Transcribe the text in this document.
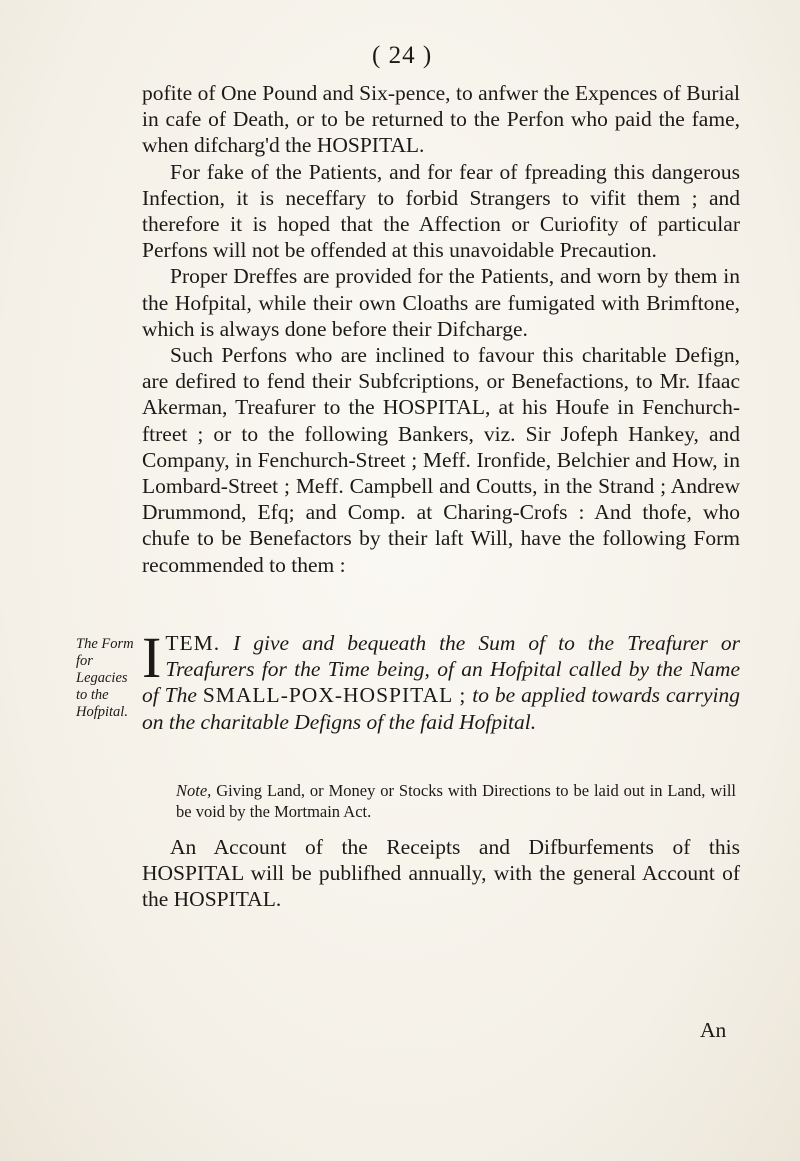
( 24 )

pofite of One Pound and Six-pence, to anfwer the Expences of Burial in cafe of Death, or to be returned to the Perfon who paid the fame, when difcharg'd the HOSPITAL.

For fake of the Patients, and for fear of fpreading this dangerous Infection, it is neceffary to forbid Strangers to vifit them ; and therefore it is hoped that the Affection or Curiofity of particular Perfons will not be offended at this unavoidable Precaution.

Proper Dreffes are provided for the Patients, and worn by them in the Hofpital, while their own Cloaths are fumigated with Brimftone, which is always done before their Difcharge.

Such Perfons who are inclined to favour this charitable Defign, are defired to fend their Subfcriptions, or Benefactions, to Mr. Ifaac Akerman, Treafurer to the HOSPITAL, at his Houfe in Fenchurch-ftreet ; or to the following Bankers, viz. Sir Jofeph Hankey, and Company, in Fenchurch-Street ; Meff. Ironfide, Belchier and How, in Lombard-Street ; Meff. Campbell and Coutts, in the Strand ; Andrew Drummond, Efq; and Comp. at Charing-Crofs : And thofe, who chufe to be Benefactors by their laft Will, have the following Form recommended to them :

The Form for Legacies to the Hofpital.

ITEM. I give and bequeath the Sum of to the Treafurer or Treafurers for the Time being, of an Hofpital called by the Name of The SMALL-POX-HOSPITAL ; to be applied towards carrying on the charitable Defigns of the faid Hofpital.

Note, Giving Land, or Money or Stocks with Directions to be laid out in Land, will be void by the Mortmain Act.

An Account of the Receipts and Difburfements of this HOSPITAL will be publifhed annually, with the general Account of the HOSPITAL.

An
